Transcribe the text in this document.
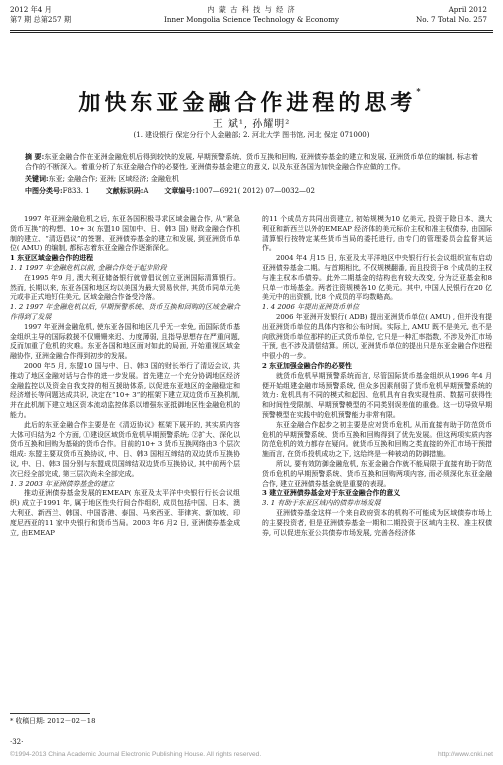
2012 年4 月
第7 期 总第257 期
内 蒙 古 科 技 与 经 济
Inner Mongolia Science Technology & Economy
April 2012
No. 7 Total No. 257
加快东亚金融合作进程的思考*
王 斌¹, 孙耀明²
(1. 建设银行 保定分行个人金融部; 2. 河北大学 图书馆, 河北 保定 071000)
摘 要:东亚金融合作在亚洲金融危机后得到较快的发展, 早期预警系统、货币互换和回购, 亚洲债券基金的建立和发展, 亚洲货币单位的编制, 标志着合作的不断深入。着重分析了东亚金融合作的必要性, 亚洲债券基金建立的意义, 以及东亚各国为加快金融合作应做的工作。
关键词:东亚; 金融合作; 亚洲; 区域经济; 金融危机
中图分类号:F833. 1 文献标识码:A 文章编号:1007—6921( 2012) 07—0032—02

1997 年亚洲金融危机之后, 东亚各国积极寻求区域金融合作, 从“紧急货币互换”的构想、10+ 3( 东盟10 国加中、日、韩3 国) 财政金融合作机制的建立、“清迈倡议”的签署、亚洲债券基金的建立和发展, 到亚洲货币单位( AMU) 的编制, 都标志着东亚金融合作逐渐深化。

1 东亚区域金融合作的进程

1. 1 1997 年金融危机以前, 金融合作处于起步阶段

在1995 年9 月, 澳大利亚储备银行就曾倡议创立亚洲国际清算银行。然而, 长期以来, 东亚各国和地区均以美国为最大贸易伙伴, 其货币同单元美元或非正式地钉住美元, 区域金融合作备受冷落。

1. 2 1997 年金融危机以后, 早期预警系统、货币互换和回购的区域金融合作得到了发展

1997 年亚洲金融危机, 使东亚各国和地区几乎无一幸免, 而国际货币基金组织主导的国际救援不仅姗姗来迟、力度薄弱, 且指导思想存在严重问题, 反而加重了危机的灾难。东亚各国和地区面对如此的局面, 开始重视区域金融协作, 亚洲金融合作得到初步的发展。

2000 年5 月, 东盟10 国与中、日、韩3 国的财长举行了清迈会议, 共推动了地区金融对话与合作的进一步发展。首先建立一个充分协调地区经济金融监控以及资金自我支持的相互援助体系, 以促进东亚地区的金融稳定和经济增长等问题达成共识, 决定在“10+ 3”的框架下建立双边货币互换机制, 并在此机制下建立地区资本流动监控体系以增强东亚抵御地区性金融危机的能力。

此后的东亚金融合作主要是在《清迈协议》框架下展开的, 其实质内容大体可归结为2 个方面, ①建设区域货币危机早期预警系统; ②扩大、深化以货币互换和回购为基础的货币合作。目前的10+ 3 货币互换网络由3 个层次组成: 东盟主要双货币互换协议, 中、日、韩3 国相互缔结的双边货币互换协议, 中、日、韩3 国分别与东盟成员国缔结双边货币互换协议, 其中前两个层次已经全部完成, 第三层次尚未全部完成。

1. 3 2003 年亚洲债券基金的建立

推动亚洲债券基金发展的EMEAP( 东亚及太平洋中央银行行长会议组织) 成立于1991 年, 属于地区性央行间合作组织, 成员包括中国、日本、澳大利亚、新西兰、韩国、中国香港、泰国、马来西亚、菲律宾、新加坡、印度尼西亚的11 家中央银行和货币当局。2003 年6 月2 日, 亚洲债券基金成立, 由EMEAP

的11 个成员方共同出资建立, 初始规模为10 亿美元, 投资于除日本、澳大利亚和新西兰以外的EMEAP 经济体的美元标价主权和准主权债券, 由国际清算银行按特定某些货币当局的委托进行, 由专门的管理委员会监督其运作。

2004 年4 月15 日, 东亚及太平洋地区中央银行行长会议组织宣布启动亚洲债券基金二期。与首期相比, 不仅规模翻番, 而且投资于8 个成员的主权与准主权本币债券。此外二期基金的结构也有较大改变, 分为泛亚基金和8 只单一市场基金。两者注资规模各10 亿美元。其中, 中国人民银行在20 亿美元中的出资额, 比8 个成员的平均数略高。

1. 4 2006 年提出亚洲货币单位

2006 年亚洲开发银行( ADB) 提出亚洲货币单位( AMU) , 但并没有提出亚洲货币单位的具体内容和公布时间。实际上, AMU 既不是美元, 也不是向欧洲货币单位那样的正式货币单位, 它只是一种汇率指数, 不涉及外汇市场干预, 也不涉及清偿结算。所以, 亚洲货币单位的提出只是东亚金融合作进程中很小的一步。

2 东亚加强金融合作的必要性

就货币危机早期预警系统而言, 尽管国际货币基金组织从1996 年4 月便开始组建金融市场预警系统, 但众多因素削弱了货币危机早期预警系统的效力: 危机具有不同的模式和起因、危机具有自我实现性质、数据可获得性和时间性受限制、早期预警模型的不同类别误差值的重叠。这一切导致早期预警模型在实践中的危机预警能力非常有限。

东亚金融合作起步之初主要是应对货币危机, 从而直接有助于防范货币危机的早期预警系统、货币互换和回购得到了优先发展。但这两项实质内容防范危机的效力都存在疑问。就货币互换和回购之类直接的外汇市场干预措施而言, 在货币投机成功之下, 这给终是一种被动的防御措施。

所以, 要有效防御金融危机, 东亚金融合作就不能局限于直接有助于防范货币危机的早期预警系统、货币互换和回购两项内容, 而必须深化东亚金融合作, 建立亚洲债券基金就是重要的表现。

3 建立亚洲债券基金对于东亚金融合作的意义

3. 1 有助于东亚区域内的债券市场发展

亚洲债券基金这样一个来自政府资本的机构不可能成为区域债券市场上的主要投资者, 但是亚洲债券基金一期和二期投资于区域内主权、准主权债券, 可以促进东亚公共债券市场发展, 完善各经济体

* 收稿日期: 2012－02－18
·32·
©1994-2013 China Academic Journal Electronic Publishing House. All rights reserved.	http://www.cnki.net
